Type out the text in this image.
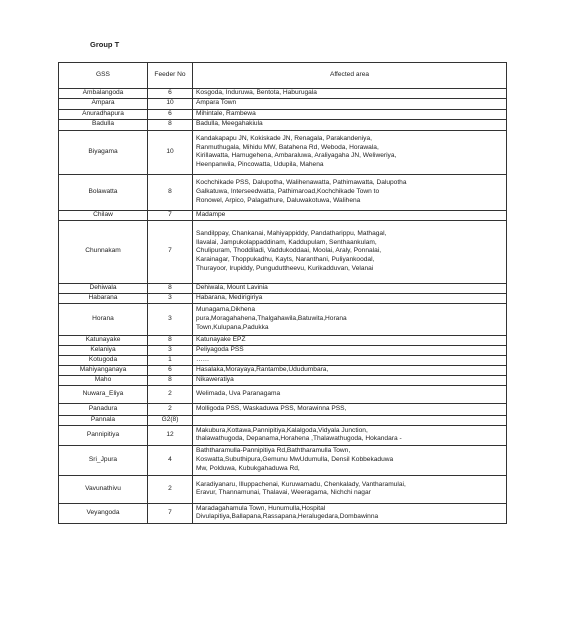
Group T
GSS	Feeder No	Affected area
Ambalangoda	6	Kosgoda, Induruwa, Bentota, Haburugala
Ampara	10	Ampara Town
Anuradhapura	6	Mihintale, Rambewa
Badulla	8	Badulla, Meegahakiula
Biyagama	10	Kandakapapu JN, Kokiskade JN, Renagala, Parakandeniya,
Ranmuthugala, Mihidu MW, Batahena Rd, Weboda, Horawala,
Kirillawatta, Hamugehena, Ambaraluwa, Araliyagaha JN, Weliweriya,
Heenpanwila, Pincowatta, Udupila, Mahena
Bolawatta	8	Kochchikade PSS, Dalupotha, Walihenawatta, Pathimawatta, Dalupotha
Galkatuwa, Interseedwatta, Pathimaroad,Kochchikade Town to
Ronowel, Arpico, Palagathure, Daluwakotuwa, Walihena
Chilaw	7	Madampe
Chunnakam	7	Sandilppay, Chankanai, Mahiyappiddy, Pandatharippu, Mathagal,
Ilavalai, Jampukolappaddinam, Kaddupulam, Senthaankulam,
Chulipuram, Thoddiladi, Vaddukoddaai, Moolai, Araly, Ponnalai,
Karainagar, Thoppukadhu, Kayts, Naranthani, Puliyankoodal,
Thurayoor, Irupiddy, Punguduttheevu, Kurikadduvan, Velanai
Dehiwala	8	Dehiwala, Mount Lavinia
Habarana	3	Habarana, Medirigiriya
Horana	3	Munagama,Dikhena
pura,Moragahahena,Thalgahawila,Batuwita,Horana
Town,Kulupana,Padukka
Katunayake	8	Katunayake EPZ
Kelaniya	3	Peliyagoda PSS
Kotugoda	1	……
Mahiyanganaya	6	Hasalaka,Morayaya,Rantambe,Ududumbara,
Maho	8	Nikaweratiya
Nuwara_Eliya	2	Welimada, Uva Paranagama
Panadura	2	Molligoda PSS, Waskaduwa PSS, Morawinna PSS,
Pannala	G2(8)	
Pannipitiya	12	Makubura,Kottawa,Pannipitiya,Kalalgoda,Vidyala Junction,
thalawathugoda, Depanama,Horahena ,Thalawathugoda, Hokandara -
Sri_Jpura	4	Baththaramulla-Pannipitiya Rd,Baththaramulla Town,
Koswatta,Subuthipura,Gemunu MwUdumulla, Densil Kobbekaduwa
Mw, Polduwa, Kubukgahaduwa Rd,
Vavunathivu	2	Karadiyanaru, Illuppachenai, Kuruwamadu, Chenkalady, Vantharamulai,
Eravur, Thannamunai, Thalavai, Weeragama, Nichchi nagar
Veyangoda	7	Maradagahamula Town, Hunumulla,Hospital
Divulapitiya,Ballapana,Rassapana,Heralugedara,Dombawinna
